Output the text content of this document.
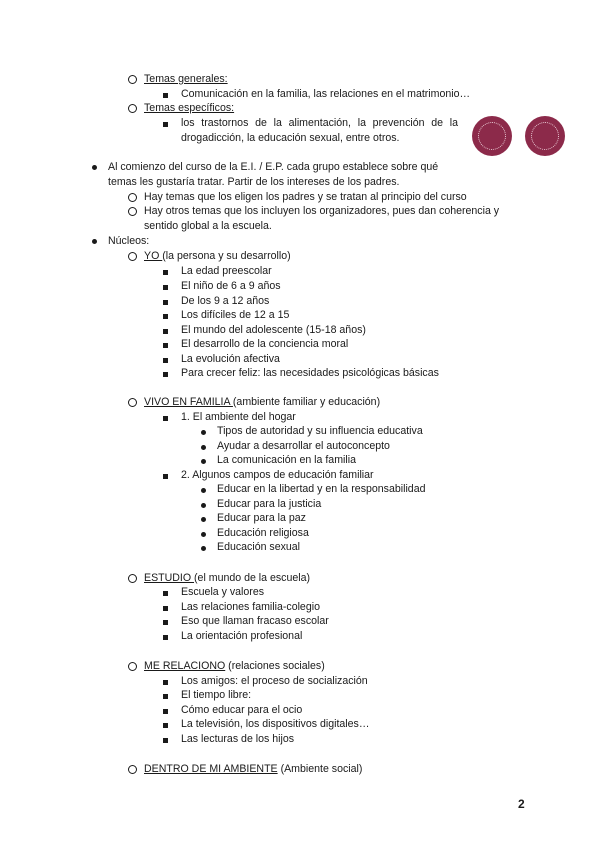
Temas generales:
Comunicación en la familia, las relaciones en el matrimonio…
Temas específicos:
los trastornos de la alimentación, la prevención de la
drogadicción, la educación sexual, entre otros.
Al comienzo del curso de la E.I. / E.P. cada grupo establece sobre qué
temas les gustaría tratar. Partir de los intereses de los padres.
Hay temas que los eligen los padres y se tratan al principio del curso
Hay otros temas que los incluyen los organizadores, pues dan coherencia y
sentido global a la escuela.
Núcleos:
YO (la persona y su desarrollo)
La edad preescolar
El niño de 6 a 9 años
De los 9 a 12 años
Los difíciles de 12 a 15
El mundo del adolescente (15-18 años)
El desarrollo de la conciencia moral
La evolución afectiva
Para crecer feliz: las necesidades psicológicas básicas
VIVO EN FAMILIA (ambiente familiar y educación)
1. El ambiente del hogar
Tipos de autoridad y su influencia educativa
Ayudar a desarrollar el autoconcepto
La comunicación en la familia
2. Algunos campos de educación familiar
Educar en la libertad y en la responsabilidad
Educar para la justicia
Educar para la paz
Educación religiosa
Educación sexual
ESTUDIO (el mundo de la escuela)
Escuela y valores
Las relaciones familia-colegio
Eso que llaman fracaso escolar
La orientación profesional
ME RELACIONO (relaciones sociales)
Los amigos: el proceso de socialización
El tiempo libre:
Cómo educar para el ocio
La televisión, los dispositivos digitales…
Las lecturas de los hijos
DENTRO DE MI AMBIENTE (Ambiente social)
2
